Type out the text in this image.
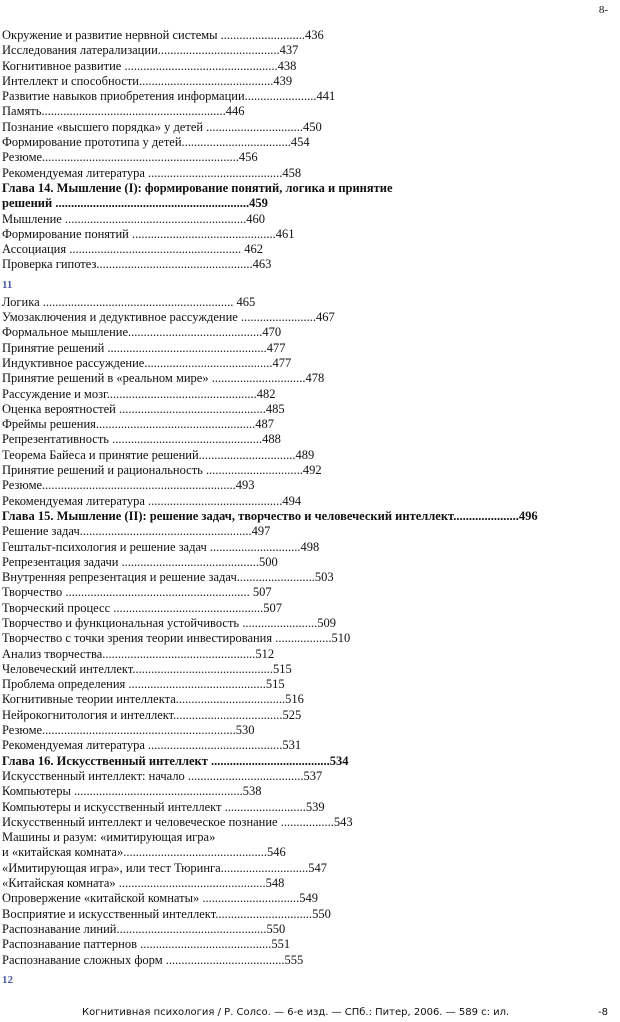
8-
Окружение и развитие нервной системы ...........................436
Исследования латерализации.......................................437
Когнитивное развитие .................................................438
Интеллект и способности...........................................439
Развитие навыков приобретения информации.......................441
Память...........................................................446
Познание «высшего порядка» у детей ...............................450
Формирование прототипа у детей...................................454
Резюме...............................................................456
Рекомендуемая литература ...........................................458
Глава 14. Мышление (I): формирование понятий, логика и принятие
решений ..............................................................459
Мышление ..........................................................460
Формирование понятий ..............................................461
Ассоциация ....................................................... 462
Проверка гипотез..................................................463
11
Логика ............................................................. 465
Умозаключения и дедуктивное рассуждение ........................467
Формальное мышление...........................................470
Принятие решений ...................................................477
Индуктивное рассуждение.........................................477
Принятие решений в «реальном мире» ..............................478
Рассуждение и мозг................................................482
Оценка вероятностей ...............................................485
Фреймы решения...................................................487
Репрезентативность ................................................488
Теорема Байеса и принятие решений...............................489
Принятие решений и рациональность ...............................492
Резюме..............................................................493
Рекомендуемая литература ...........................................494
Глава 15. Мышление (II): решение задач, творчество и человеческий интеллект.....................496
Решение задач.......................................................497
Гештальт-психология и решение задач .............................498
Репрезентация задачи ............................................500
Внутренняя репрезентация и решение задач.........................503
Творчество ........................................................... 507
Творческий процесс ................................................507
Творчество и функциональная устойчивость ........................509
Творчество с точки зрения теории инвестирования ..................510
Анализ творчества.................................................512
Человеческий интеллект.............................................515
Проблема определения ............................................515
Когнитивные теории интеллекта...................................516
Нейрокогнитология и интеллект...................................525
Резюме..............................................................530
Рекомендуемая литература ...........................................531
Глава 16. Искусственный интеллект ......................................534
Искусственный интеллект: начало .....................................537
Компьютеры ......................................................538
Компьютеры и искусственный интеллект ..........................539
Искусственный интеллект и человеческое познание .................543
Машины и разум: «имитирующая игра»
и «китайская комната»..............................................546
«Имитирующая игра», или тест Тюринга............................547
«Китайская комната» ...............................................548
Опровержение «китайской комнаты» ...............................549
Восприятие и искусственный интеллект...............................550
Распознавание линий................................................550
Распознавание паттернов ..........................................551
Распознавание сложных форм ......................................555
12
Когнитивная психология / Р. Солсо. — 6-е изд. — СПб.: Питер, 2006. — 589 с: ил.	-8
